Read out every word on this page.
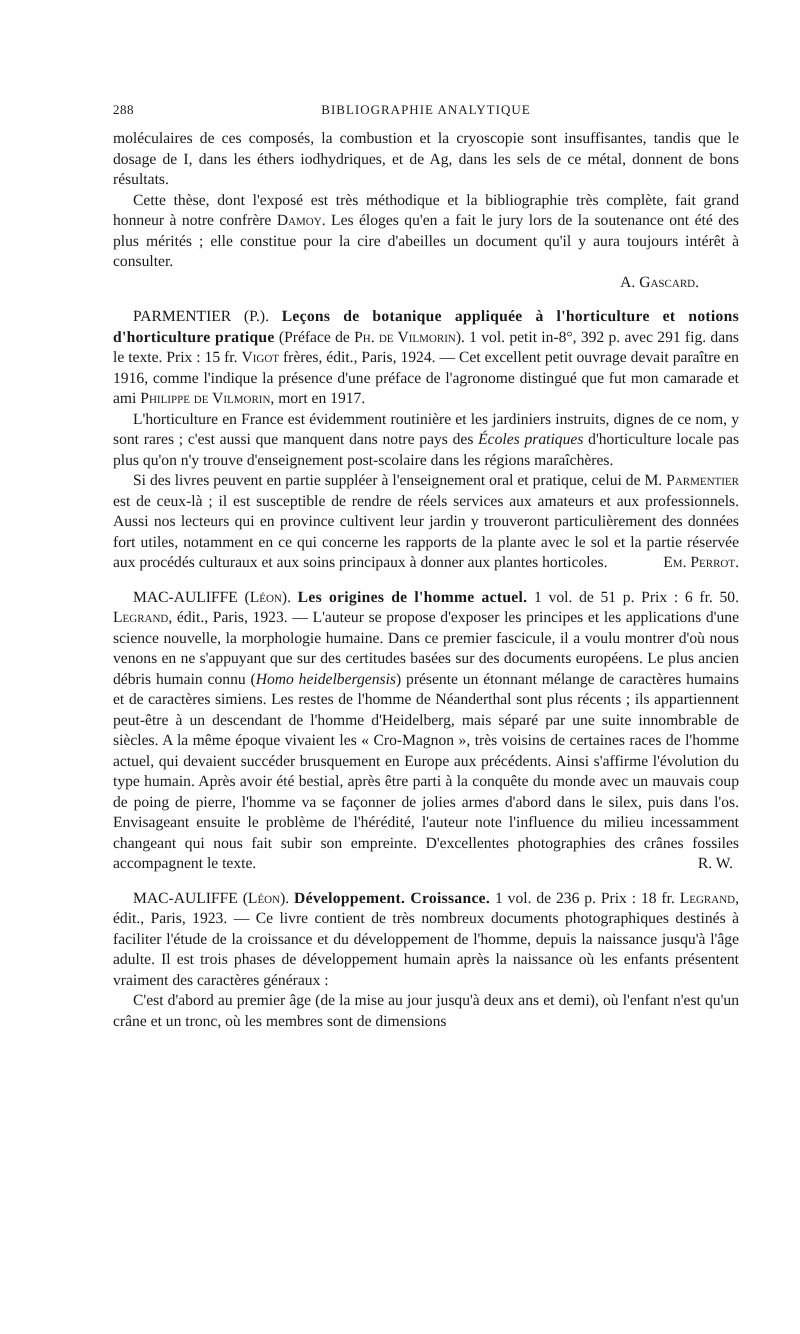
288	BIBLIOGRAPHIE ANALYTIQUE

moléculaires de ces composés, la combustion et la cryoscopie sont insuffisantes, tandis que le dosage de I, dans les éthers iodhydriques, et de Ag, dans les sels de ce métal, donnent de bons résultats.

Cette thèse, dont l'exposé est très méthodique et la bibliographie très complète, fait grand honneur à notre confrère Damoy. Les éloges qu'en a fait le jury lors de la soutenance ont été des plus mérités ; elle constitue pour la cire d'abeilles un document qu'il y aura toujours intérêt à consulter.

A. Gascard.

PARMENTIER (P.). Leçons de botanique appliquée à l'horticulture et notions d'horticulture pratique (Préface de Ph. de Vilmorin). 1 vol. petit in-8°, 392 p. avec 291 fig. dans le texte. Prix : 15 fr. Vigot frères, édit., Paris, 1924. — Cet excellent petit ouvrage devait paraître en 1916, comme l'indique la présence d'une préface de l'agronome distingué que fut mon camarade et ami Philippe de Vilmorin, mort en 1917.

L'horticulture en France est évidemment routinière et les jardiniers instruits, dignes de ce nom, y sont rares ; c'est aussi que manquent dans notre pays des Écoles pratiques d'horticulture locale pas plus qu'on n'y trouve d'enseignement post-scolaire dans les régions maraîchères.

Si des livres peuvent en partie suppléer à l'enseignement oral et pratique, celui de M. Parmentier est de ceux-là ; il est susceptible de rendre de réels services aux amateurs et aux professionnels. Aussi nos lecteurs qui en province cultivent leur jardin y trouveront particulièrement des données fort utiles, notamment en ce qui concerne les rapports de la plante avec le sol et la partie réservée aux procédés culturaux et aux soins principaux à donner aux plantes horticoles.	Em. Perrot.

MAC-AULIFFE (Léon). Les origines de l'homme actuel. 1 vol. de 51 p. Prix : 6 fr. 50. Legrand, édit., Paris, 1923. — L'auteur se propose d'exposer les principes et les applications d'une science nouvelle, la morphologie humaine. Dans ce premier fascicule, il a voulu montrer d'où nous venons en ne s'appuyant que sur des certitudes basées sur des documents européens. Le plus ancien débris humain connu (Homo heidelbergensis) présente un étonnant mélange de caractères humains et de caractères simiens. Les restes de l'homme de Néanderthal sont plus récents ; ils appartiennent peut-être à un descendant de l'homme d'Heidelberg, mais séparé par une suite innombrable de siècles. A la même époque vivaient les « Cro-Magnon », très voisins de certaines races de l'homme actuel, qui devaient succéder brusquement en Europe aux précédents. Ainsi s'affirme l'évolution du type humain. Après avoir été bestial, après être parti à la conquête du monde avec un mauvais coup de poing de pierre, l'homme va se façonner de jolies armes d'abord dans le silex, puis dans l'os. Envisageant ensuite le problème de l'hérédité, l'auteur note l'influence du milieu incessamment changeant qui nous fait subir son empreinte. D'excellentes photographies des crânes fossiles accompagnent le texte.	R. W.

MAC-AULIFFE (Léon). Développement. Croissance. 1 vol. de 236 p. Prix : 18 fr. Legrand, édit., Paris, 1923. — Ce livre contient de très nombreux documents photographiques destinés à faciliter l'étude de la croissance et du développement de l'homme, depuis la naissance jusqu'à l'âge adulte. Il est trois phases de développement humain après la naissance où les enfants présentent vraiment des caractères généraux :

C'est d'abord au premier âge (de la mise au jour jusqu'à deux ans et demi), où l'enfant n'est qu'un crâne et un tronc, où les membres sont de dimensions
